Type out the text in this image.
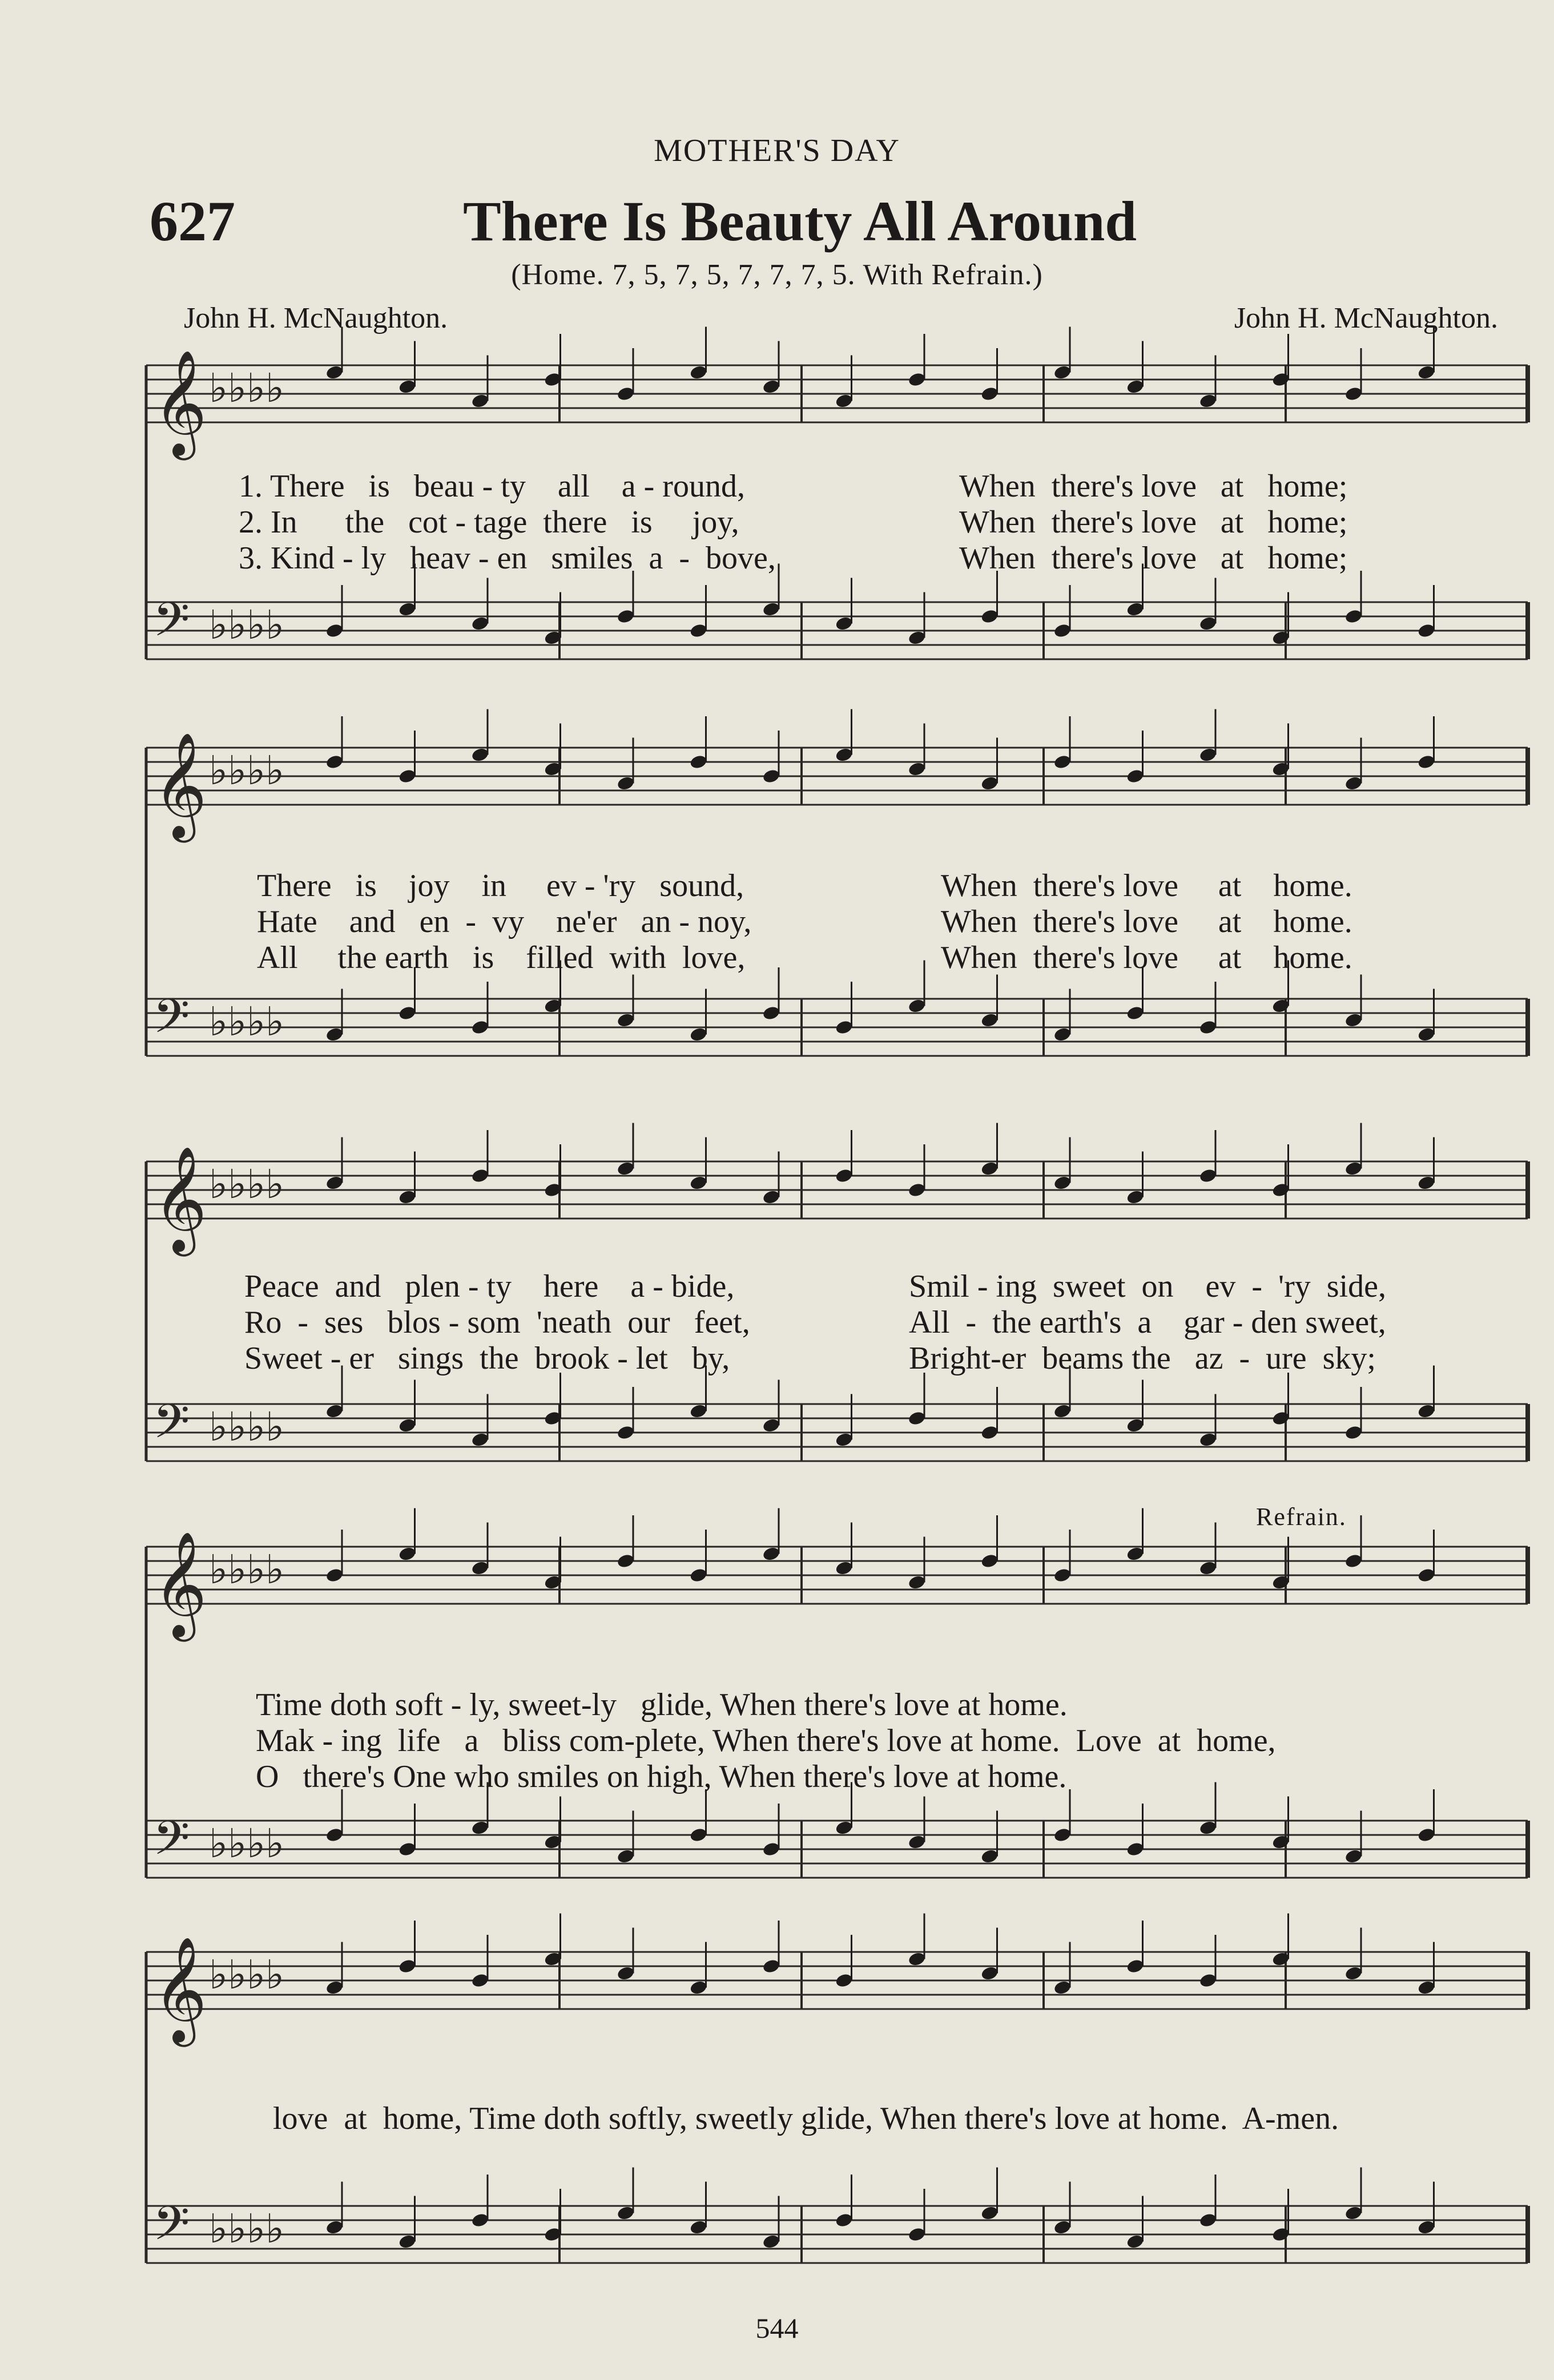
MOTHER'S DAY
627	There Is Beauty All Around
(Home. 7, 5, 7, 5, 7, 7, 7, 5. With Refrain.)
John H. McNaughton.	John H. McNaughton.
𝄞 ♭♭♭♭
𝄢 ♭♭♭♭
𝄞 ♭♭♭♭
𝄢 ♭♭♭♭
𝄞 ♭♭♭♭
𝄢 ♭♭♭♭
𝄞 ♭♭♭♭
𝄢 ♭♭♭♭
𝄞 ♭♭♭♭
𝄢 ♭♭♭♭
1. There   is   beau - ty    all    a - round,
2. In      the   cot - tage  there   is     joy,
3. Kind - ly   heav - en   smiles  a  -  bove,
When  there's love   at   home;
When  there's love   at   home;
When  there's love   at   home;
There   is    joy    in     ev - 'ry   sound,
Hate    and   en  -  vy    ne'er   an - noy,
All     the earth   is    filled  with  love,
When  there's love     at    home.
When  there's love     at    home.
When  there's love     at    home.
Peace  and   plen - ty    here    a - bide,
Ro  -  ses   blos - som  'neath  our   feet,
Sweet - er   sings  the  brook - let   by,
Smil - ing  sweet  on    ev  -  'ry  side,
All  -  the earth's  a    gar - den sweet,
Bright-er  beams the   az  -  ure  sky;
Refrain.
Time doth soft - ly, sweet-ly   glide, When there's love at home.
Mak - ing  life   a   bliss com-plete, When there's love at home.  Love  at  home,
O   there's One who smiles on high, When there's love at home.
love  at  home, Time doth softly, sweetly glide, When there's love at home.  A-men.
544
